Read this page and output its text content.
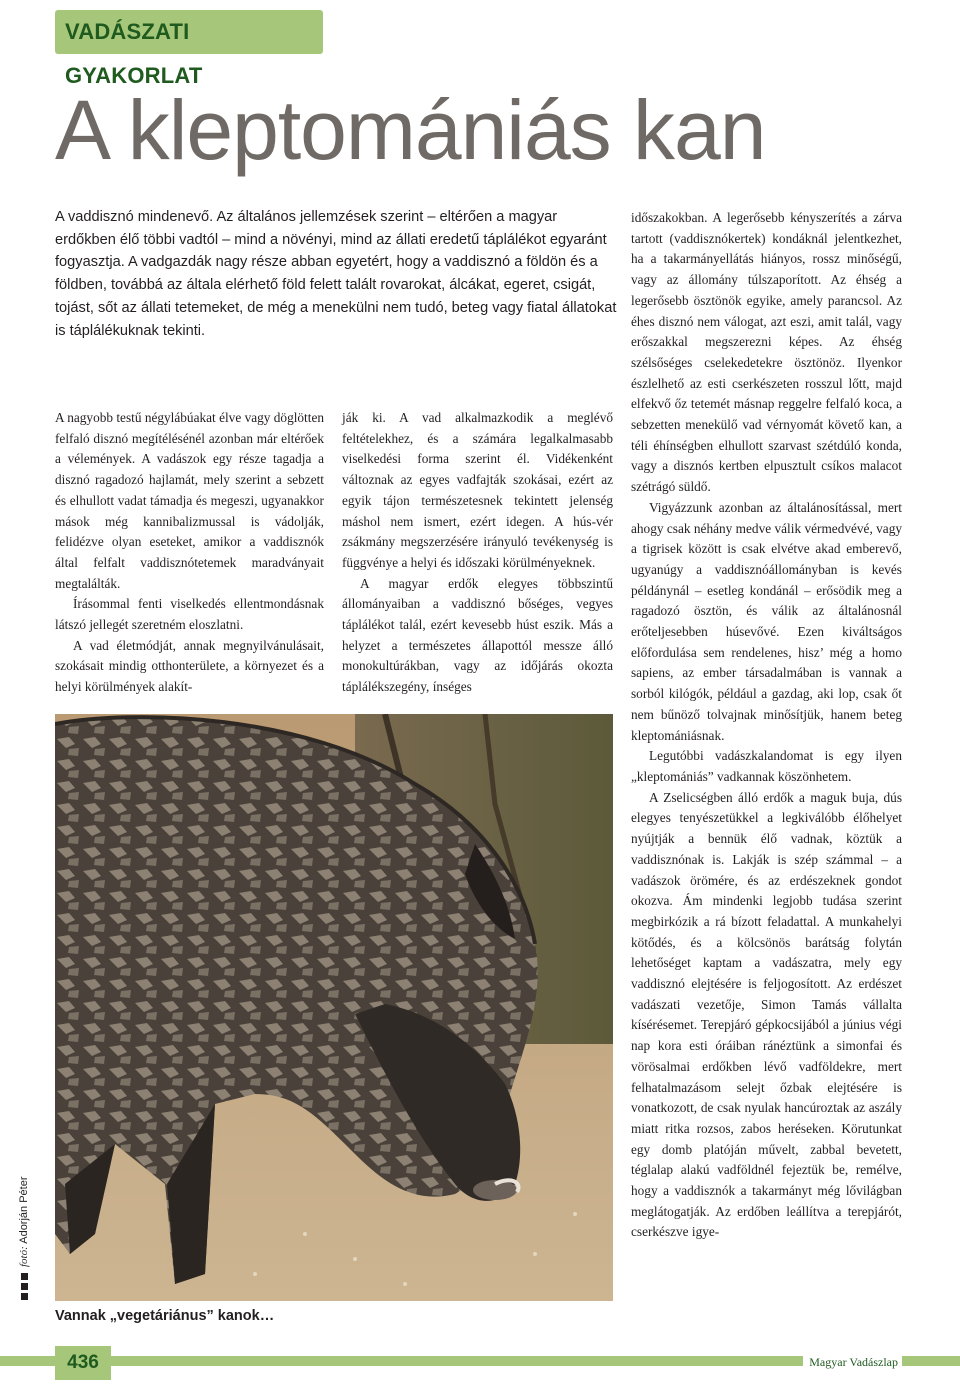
VADÁSZATI GYAKORLAT
A kleptomániás kan

A vaddisznó mindenevő. Az általános jellemzések szerint – eltérően a magyar erdőkben élő többi vadtól – mind a növényi, mind az állati eredetű táplálékot egyaránt fogyasztja. A vadgazdák nagy része abban egyetért, hogy a vaddisznó a földön és a földben, továbbá az általa elérhető föld felett talált rovarokat, álcákat, egeret, csigát, tojást, sőt az állati tetemeket, de még a menekülni nem tudó, beteg vagy fiatal állatokat is táplálékuknak tekinti.

A nagyobb testű négylábúakat élve vagy döglötten felfaló disznó megítélésénél azonban már eltérőek a vélemények. A vadászok egy része tagadja a disznó ragadozó hajlamát, mely szerint a sebzett és elhullott vadat támadja és megeszi, ugyanakkor mások még kannibalizmussal is vádolják, felidézve olyan eseteket, amikor a vaddisznók által felfalt vaddisznótetemek maradványait megtalálták.

Írásommal fenti viselkedés ellentmondásnak látszó jellegét szeretném eloszlatni.

A vad életmódját, annak megnyilvánulásait, szokásait mindig otthonterülete, a környezet és a helyi körülmények alakít-

ják ki. A vad alkalmazkodik a meglévő feltételekhez, és a számára legalkalmasabb viselkedési forma szerint él. Vidékenként változnak az egyes vadfajták szokásai, ezért az egyik tájon természetesnek tekintett jelenség máshol nem ismert, ezért idegen. A hús-vér zsákmány megszerzésére irányuló tevékenység is függvénye a helyi és időszaki körülményeknek.

A magyar erdők elegyes többszintű állományaiban a vaddisznó bőséges, vegyes táplálékot talál, ezért kevesebb húst eszik. Más a helyzet a természetes állapottól messze álló monokultúrákban, vagy az időjárás okozta táplálékszegény, ínséges

időszakokban. A legerősebb kényszerítés a zárva tartott (vaddisznókertek) kondáknál jelentkezhet, ha a takarmányellátás hiányos, rossz minőségű, vagy az állomány túlszaporított. Az éhség a legerősebb ösztönök egyike, amely parancsol. Az éhes disznó nem válogat, azt eszi, amit talál, vagy erőszakkal megszerezni képes. Az éhség szélsőséges cselekedetekre ösztönöz. Ilyenkor észlelhető az esti cserkészeten rosszul lőtt, majd elfekvő őz tetemét másnap reggelre felfaló koca, a sebzetten menekülő vad vérnyomát követő kan, a téli éhínségben elhullott szarvast szétdúló konda, vagy a disznós kertben elpusztult csíkos malacot szétrágó süldő.

Vigyázzunk azonban az általánosítással, mert ahogy csak néhány medve válik vérmedvévé, vagy a tigrisek között is csak elvétve akad emberevő, ugyanúgy a vaddisznóállományban is kevés példánynál – esetleg kondánál – erősödik meg a ragadozó ösztön, és válik az általánosnál erőteljesebben húsevővé. Ezen kiváltságos előfordulása sem rendelenes, hisz’ még a homo sapiens, az ember társadalmában is vannak a sorból kilógók, például a gazdag, aki lop, csak őt nem bűnöző tolvajnak minősítjük, hanem beteg kleptomániásnak.

Legutóbbi vadászkalandomat is egy ilyen „kleptomániás” vadkannak köszönhetem.

A Zselicségben álló erdők a maguk buja, dús elegyes tenyészetükkel a legkiválóbb élőhelyet nyújtják a bennük élő vadnak, köztük a vaddisznónak is. Lakják is szép számmal – a vadászok örömére, és az erdészeknek gondot okozva. Ám mindenki legjobb tudása szerint megbirkózik a rá bízott feladattal. A munkahelyi kötődés, és a kölcsönös barátság folytán lehetőséget kaptam a vadászatra, mely egy vaddisznó elejtésére is feljogosított. Az erdészet vadászati vezetője, Simon Tamás vállalta kísérésemet. Terepjáró gépkocsijából a június végi nap kora esti óráiban ránéztünk a simonfai és vörösalmai erdőkben lévő vadföldekre, mert felhatalmazásom selejt őzbak elejtésére is vonatkozott, de csak nyulak hancúroztak az aszály miatt ritka rozsos, zabos heréseken. Körutunkat egy domb platóján művelt, zabbal bevetett, téglalap alakú vadföldnél fejeztük be, remélve, hogy a vaddisznók a takarmányt még lővilágban meglátogatják. Az erdőben leállítva a terepjárót, cserkészve igye-

fotó: Adorján Péter
Vannak „vegetáriánus” kanok…
436	Magyar Vadászlap
